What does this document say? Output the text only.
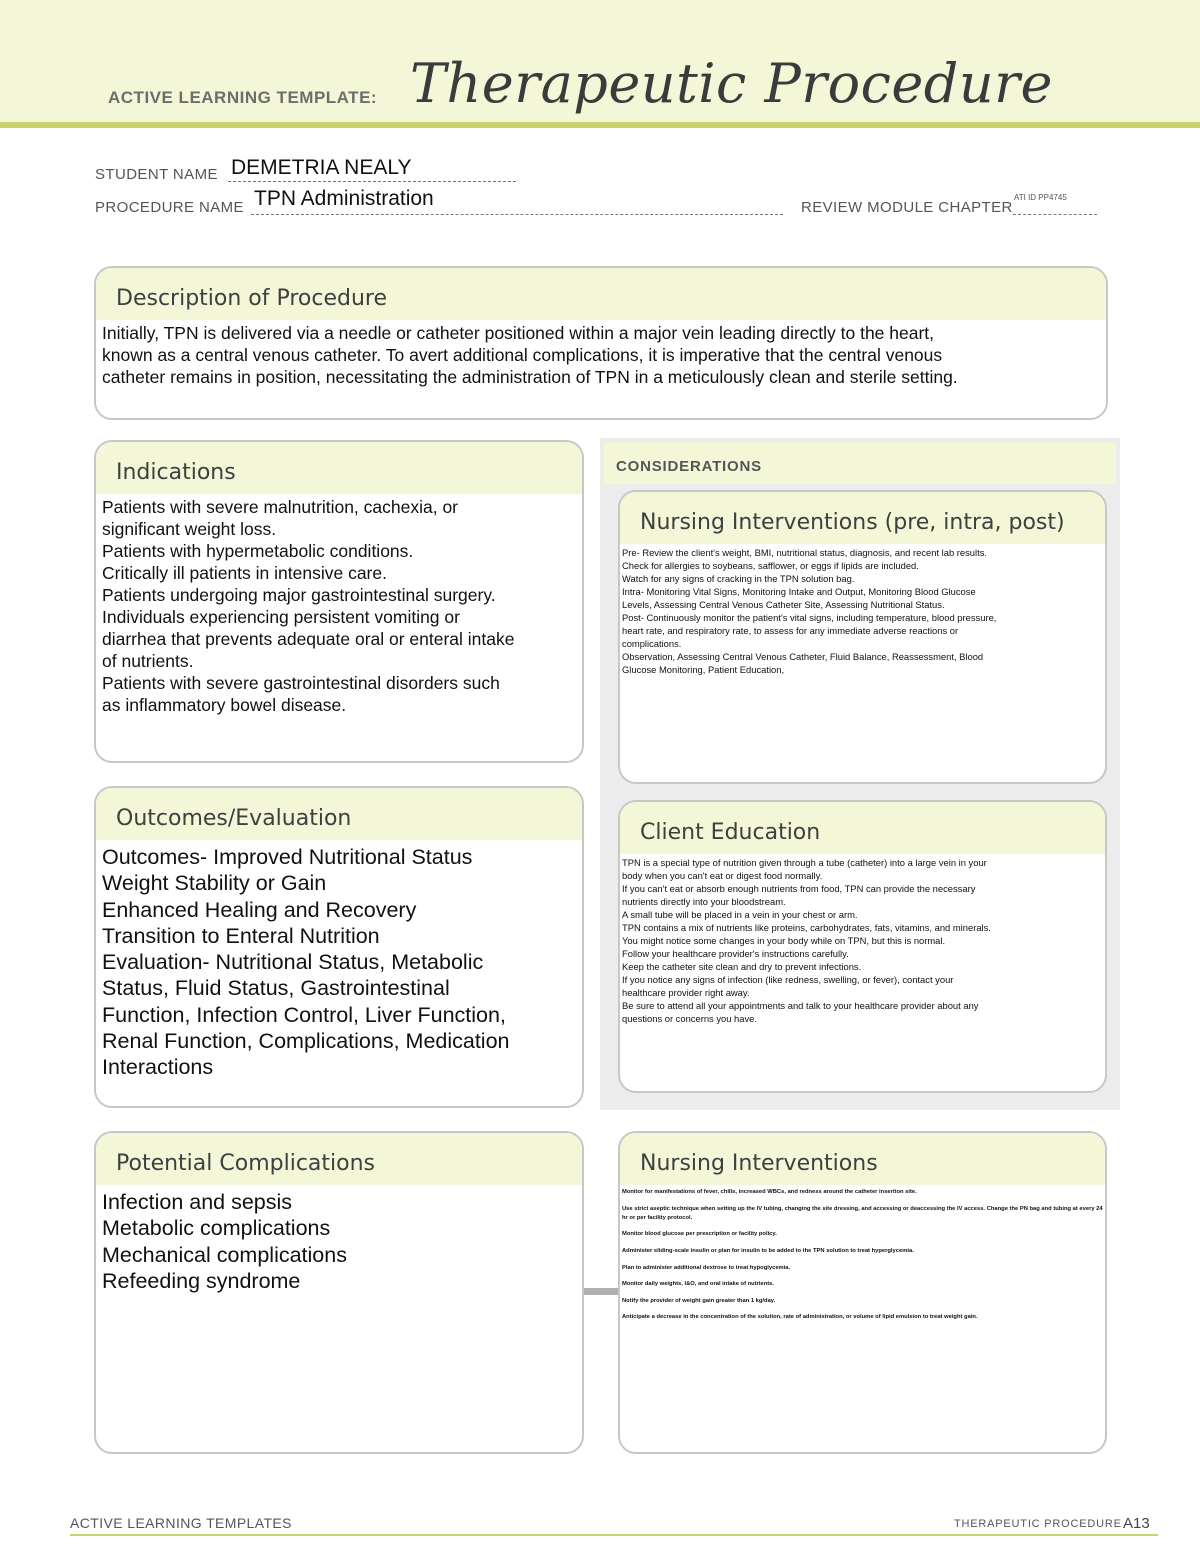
ACTIVE LEARNING TEMPLATE: Therapeutic Procedure
STUDENT NAME DEMETRIA NEALY
PROCEDURE NAME TPN Administration	REVIEW MODULE CHAPTER
ATI ID PP4745
Description of Procedure
Initially, TPN is delivered via a needle or catheter positioned within a major vein leading directly to the heart,
known as a central venous catheter. To avert additional complications, it is imperative that the central venous
catheter remains in position, necessitating the administration of TPN in a meticulously clean and sterile setting.
Indications
Patients with severe malnutrition, cachexia, or
significant weight loss.
Patients with hypermetabolic conditions.
Critically ill patients in intensive care.
Patients undergoing major gastrointestinal surgery.
Individuals experiencing persistent vomiting or
diarrhea that prevents adequate oral or enteral intake
of nutrients.
Patients with severe gastrointestinal disorders such
as inflammatory bowel disease.
CONSIDERATIONS
Nursing Interventions (pre, intra, post)
Pre- Review the client's weight, BMI, nutritional status, diagnosis, and recent lab results.
Check for allergies to soybeans, safflower, or eggs if lipids are included.
Watch for any signs of cracking in the TPN solution bag.
Intra- Monitoring Vital Signs, Monitoring Intake and Output, Monitoring Blood Glucose
Levels, Assessing Central Venous Catheter Site, Assessing Nutritional Status.
Post- Continuously monitor the patient's vital signs, including temperature, blood pressure,
heart rate, and respiratory rate, to assess for any immediate adverse reactions or
complications.
Observation, Assessing Central Venous Catheter, Fluid Balance, Reassessment, Blood
Glucose Monitoring, Patient Education,
Outcomes/Evaluation
Outcomes- Improved Nutritional Status
Weight Stability or Gain
Enhanced Healing and Recovery
Transition to Enteral Nutrition
Evaluation- Nutritional Status, Metabolic
Status, Fluid Status, Gastrointestinal
Function, Infection Control, Liver Function,
Renal Function, Complications, Medication
Interactions
Client Education
TPN is a special type of nutrition given through a tube (catheter) into a large vein in your
body when you can't eat or digest food normally.
If you can't eat or absorb enough nutrients from food, TPN can provide the necessary
nutrients directly into your bloodstream.
A small tube will be placed in a vein in your chest or arm.
TPN contains a mix of nutrients like proteins, carbohydrates, fats, vitamins, and minerals.
You might notice some changes in your body while on TPN, but this is normal.
Follow your healthcare provider's instructions carefully.
Keep the catheter site clean and dry to prevent infections.
If you notice any signs of infection (like redness, swelling, or fever), contact your
healthcare provider right away.
Be sure to attend all your appointments and talk to your healthcare provider about any
questions or concerns you have.
Potential Complications
Infection and sepsis
Metabolic complications
Mechanical complications
Refeeding syndrome
Nursing Interventions

Monitor for manifestations of fever, chills, increased WBCs, and redness around the catheter insertion site.

Use strict aseptic technique when setting up the IV tubing, changing the site dressing, and accessing or deaccessing the IV access. Change the PN bag and tubing at every 24 hr or per facility protocol.

Monitor blood glucose per prescription or facility policy.

Administer sliding-scale insulin or plan for insulin to be added to the TPN solution to treat hyperglycemia.

Plan to administer additional dextrose to treat hypoglycemia.

Monitor daily weights, I&O, and oral intake of nutrients.

Notify the provider of weight gain greater than 1 kg/day.

Anticipate a decrease in the concentration of the solution, rate of administration, or volume of lipid emulsion to treat weight gain.

ACTIVE LEARNING TEMPLATES	THERAPEUTIC PROCEDURE A13
